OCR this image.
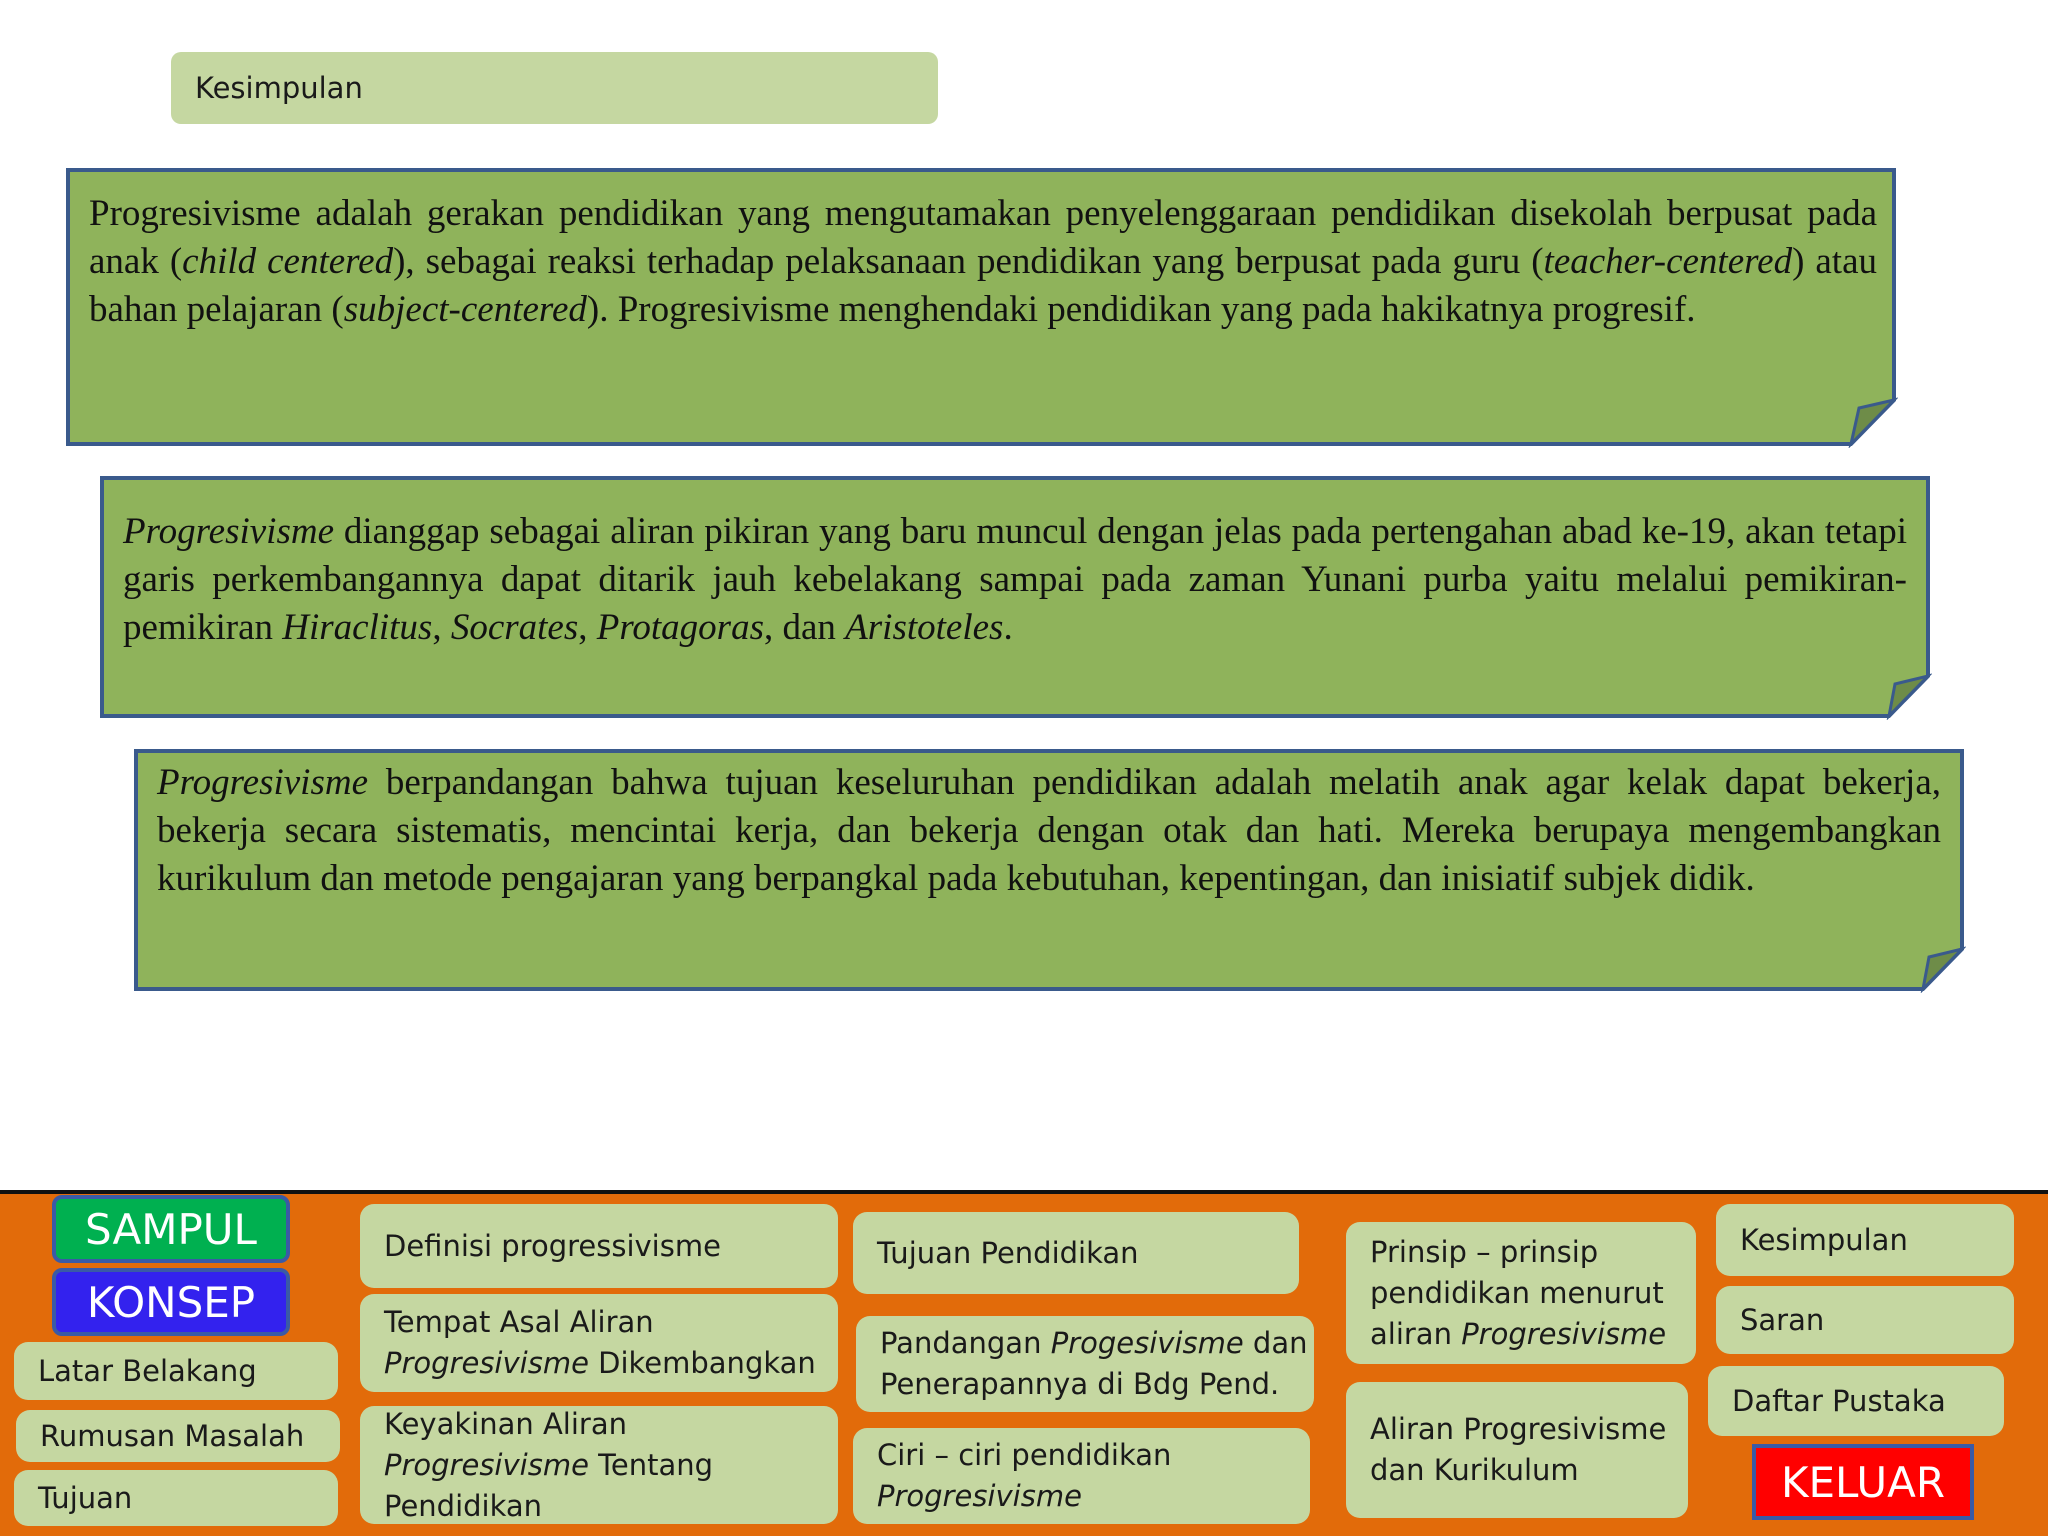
Kesimpulan
Progresivisme adalah gerakan pendidikan yang mengutamakan penyelenggaraan pendidikan disekolah berpusat pada anak (child centered), sebagai reaksi terhadap pelaksanaan pendidikan yang berpusat pada guru (teacher-centered) atau bahan pelajaran (subject-centered). Progresivisme menghendaki pendidikan yang pada hakikatnya progresif.
Progresivisme dianggap sebagai aliran pikiran yang baru muncul dengan jelas pada pertengahan abad ke-19, akan tetapi garis perkembangannya dapat ditarik jauh kebelakang sampai pada zaman Yunani purba yaitu melalui pemikiran-pemikiran Hiraclitus, Socrates, Protagoras, dan Aristoteles.
Progresivisme berpandangan bahwa tujuan keseluruhan pendidikan adalah melatih anak agar kelak dapat bekerja, bekerja secara sistematis, mencintai kerja, dan bekerja dengan otak dan hati. Mereka berupaya mengembangkan kurikulum dan metode pengajaran yang berpangkal pada kebutuhan, kepentingan, dan inisiatif subjek didik.
SAMPUL
KONSEP
Latar Belakang
Rumusan Masalah
Tujuan
Definisi progressivisme
Tempat Asal Aliran Progresivisme Dikembangkan
Keyakinan Aliran Progresivisme Tentang Pendidikan
Tujuan Pendidikan
Pandangan Progesivisme dan Penerapannya di Bdg Pend.
Ciri – ciri pendidikan Progresivisme
Prinsip – prinsip pendidikan menurut aliran Progresivisme
Aliran Progresivisme dan Kurikulum
Kesimpulan
Saran
Daftar Pustaka
KELUAR
